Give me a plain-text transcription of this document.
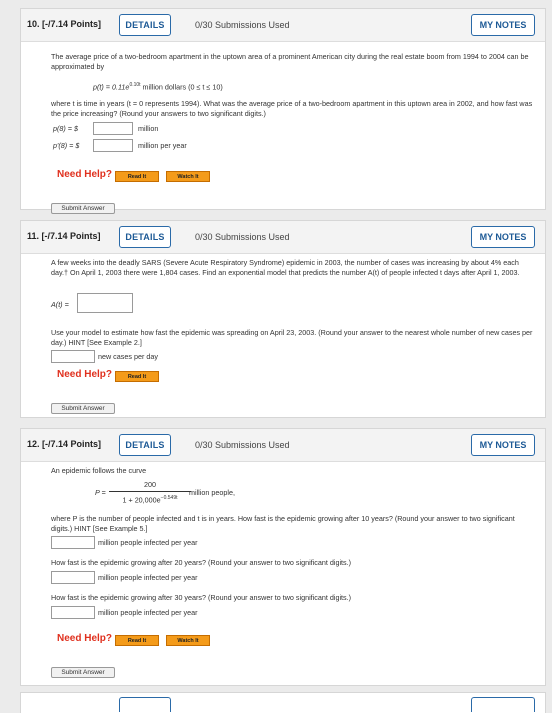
10. [-/7.14 Points]	DETAILS	0/30 Submissions Used	MY NOTES
The average price of a two-bedroom apartment in the uptown area of a prominent American city during the real estate boom from 1994 to 2004 can be approximated by
$p(t) = 0.11e^{0.10t}$ million dollars (0 ≤ t ≤ 10)
where t is time in years (t = 0 represents 1994). What was the average price of a two-bedroom apartment in this uptown area in 2002, and how fast was the price increasing? (Round your answers to two significant digits.)
p(8) = $	million
p'(8) = $	million per year
Need Help?	Read It	Watch It
Submit Answer
11. [-/7.14 Points]	DETAILS	0/30 Submissions Used	MY NOTES
A few weeks into the deadly SARS (Severe Acute Respiratory Syndrome) epidemic in 2003, the number of cases was increasing by about 4% each day.† On April 1, 2003 there were 1,804 cases. Find an exponential model that predicts the number A(t) of people infected t days after April 1, 2003.
A(t) =
Use your model to estimate how fast the epidemic was spreading on April 23, 2003. (Round your answer to the nearest whole number of new cases per day.) HINT [See Example 2.]
new cases per day
Need Help?	Read It
Submit Answer
12. [-/7.14 Points]	DETAILS	0/30 Submissions Used	MY NOTES
An epidemic follows the curve
$P = \frac{200}{1 + 20,000e^{-0.549t}}$
million people,
where P is the number of people infected and t is in years. How fast is the epidemic growing after 10 years? (Round your answer to two significant digits.) HINT [See Example 5.]
million people infected per year
How fast is the epidemic growing after 20 years? (Round your answer to two significant digits.)
million people infected per year
How fast is the epidemic growing after 30 years? (Round your answer to two significant digits.)
million people infected per year
Need Help?	Read It	Watch It
Submit Answer
